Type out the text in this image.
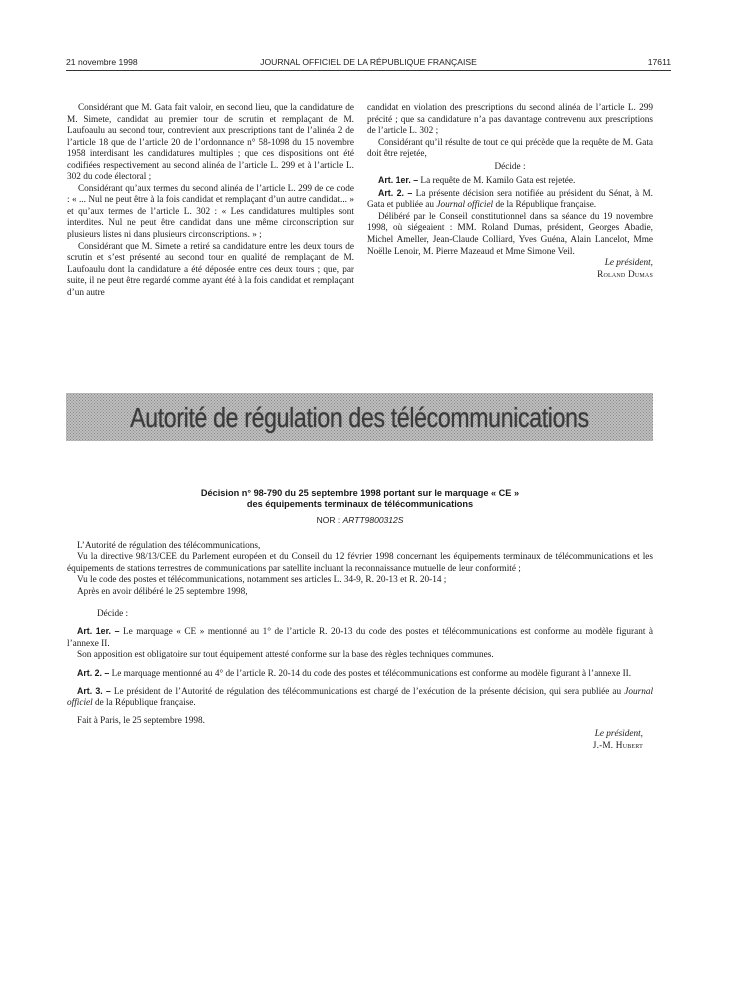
21 novembre 1998	JOURNAL OFFICIEL DE LA RÉPUBLIQUE FRANÇAISE	17611

Considérant que M. Gata fait valoir, en second lieu, que la candidature de M. Simete, candidat au premier tour de scrutin et remplaçant de M. Laufoaulu au second tour, contrevient aux prescriptions tant de l’alinéa 2 de l’article 18 que de l’article 20 de l’ordonnance n° 58-1098 du 15 novembre 1958 interdisant les candidatures multiples ; que ces dispositions ont été codifiées respectivement au second alinéa de l’article L. 299 et à l’article L. 302 du code électoral ;

Considérant qu’aux termes du second alinéa de l’article L. 299 de ce code : « ... Nul ne peut être à la fois candidat et remplaçant d’un autre candidat... » et qu’aux termes de l’article L. 302 : « Les candidatures multiples sont interdites. Nul ne peut être candidat dans une même circonscription sur plusieurs listes ni dans plusieurs circonscriptions. » ;

Considérant que M. Simete a retiré sa candidature entre les deux tours de scrutin et s’est présenté au second tour en qualité de remplaçant de M. Laufoaulu dont la candidature a été déposée entre ces deux tours ; que, par suite, il ne peut être regardé comme ayant été à la fois candidat et remplaçant d’un autre

candidat en violation des prescriptions du second alinéa de l’article L. 299 précité ; que sa candidature n’a pas davantage contrevenu aux prescriptions de l’article L. 302 ;

Considérant qu’il résulte de tout ce qui précède que la requête de M. Gata doit être rejetée,

Décide :

Art. 1er. – La requête de M. Kamilo Gata est rejetée.

Art. 2. – La présente décision sera notifiée au président du Sénat, à M. Gata et publiée au Journal officiel de la République française.

Délibéré par le Conseil constitutionnel dans sa séance du 19 novembre 1998, où siégeaient : MM. Roland Dumas, président, Georges Abadie, Michel Ameller, Jean-Claude Colliard, Yves Guéna, Alain Lancelot, Mme Noëlle Lenoir, M. Pierre Mazeaud et Mme Simone Veil.

Le président,

Roland Dumas

Autorité de régulation des télécommunications
Décision n° 98-790 du 25 septembre 1998 portant sur le marquage « CE »
des équipements terminaux de télécommunications
NOR : ARTT9800312S

L’Autorité de régulation des télécommunications,

Vu la directive 98/13/CEE du Parlement européen et du Conseil du 12 février 1998 concernant les équipements terminaux de télécommunications et les équipements de stations terrestres de communications par satellite incluant la reconnaissance mutuelle de leur conformité ;

Vu le code des postes et télécommunications, notamment ses articles L. 34-9, R. 20-13 et R. 20-14 ;

Après en avoir délibéré le 25 septembre 1998,

Décide :

Art. 1er. – Le marquage « CE » mentionné au 1° de l’article R. 20-13 du code des postes et télécommunications est conforme au modèle figurant à l’annexe II.

Son apposition est obligatoire sur tout équipement attesté conforme sur la base des règles techniques communes.

Art. 2. – Le marquage mentionné au 4° de l’article R. 20-14 du code des postes et télécommunications est conforme au modèle figurant à l’annexe II.

Art. 3. – Le président de l’Autorité de régulation des télécommunications est chargé de l’exécution de la présente décision, qui sera publiée au Journal officiel de la République française.

Fait à Paris, le 25 septembre 1998.

Le président,

J.-M. Hubert
